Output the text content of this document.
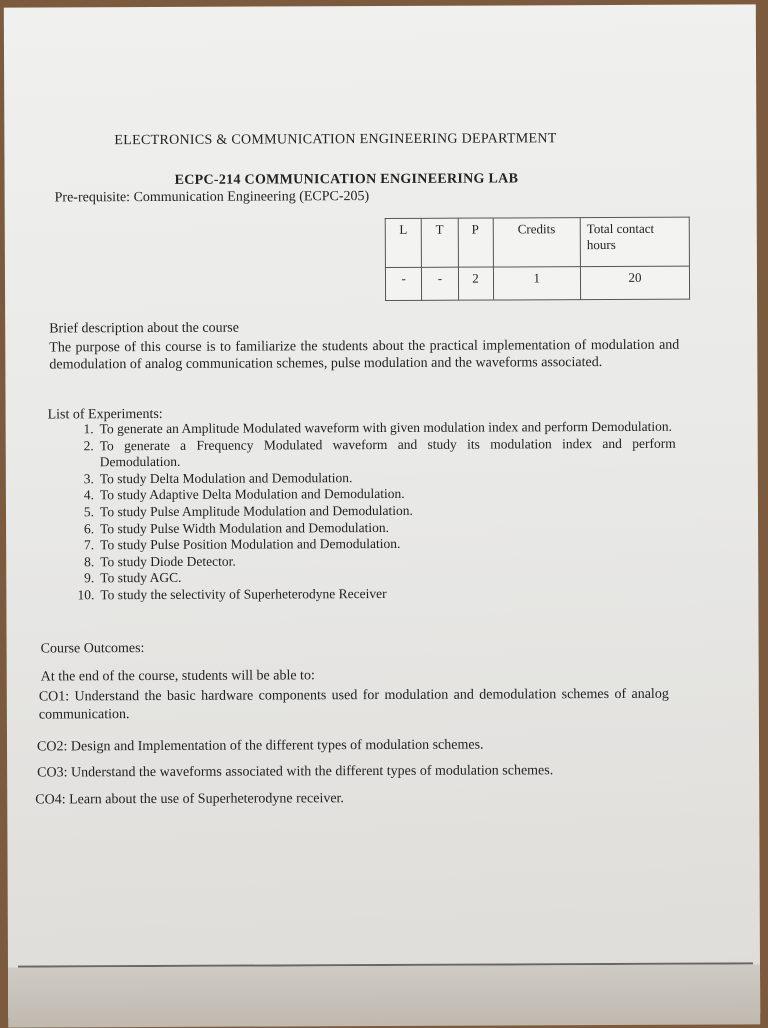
ELECTRONICS & COMMUNICATION ENGINEERING DEPARTMENT
ECPC-214 COMMUNICATION ENGINEERING LAB
Pre-requisite: Communication Engineering (ECPC-205)
L	T	P	Credits	Total contact hours
-	-	2	1	20
Brief description about the course
The purpose of this course is to familiarize the students about the practical implementation of modulation and demodulation of analog communication schemes, pulse modulation and the waveforms associated.
List of Experiments:
1. To generate an Amplitude Modulated waveform with given modulation index and perform Demodulation.
2. To generate a Frequency Modulated waveform and study its modulation index and perform Demodulation.
3. To study Delta Modulation and Demodulation.
4. To study Adaptive Delta Modulation and Demodulation.
5. To study Pulse Amplitude Modulation and Demodulation.
6. To study Pulse Width Modulation and Demodulation.
7. To study Pulse Position Modulation and Demodulation.
8. To study Diode Detector.
9. To study AGC.
10. To study the selectivity of Superheterodyne Receiver
Course Outcomes:
At the end of the course, students will be able to:
CO1: Understand the basic hardware components used for modulation and demodulation schemes of analog communication.
CO2: Design and Implementation of the different types of modulation schemes.
CO3: Understand the waveforms associated with the different types of modulation schemes.
CO4: Learn about the use of Superheterodyne receiver.
